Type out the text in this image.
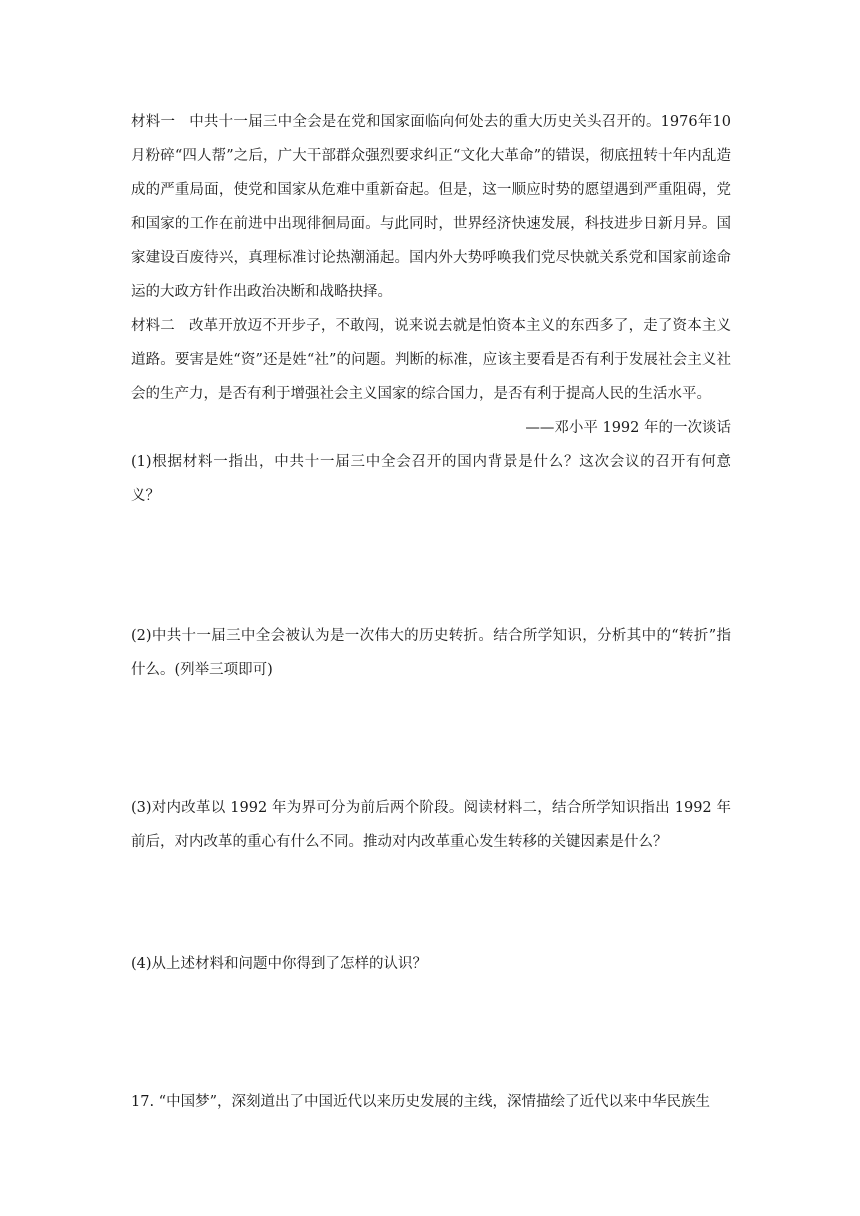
材料一 中共十一届三中全会是在党和国家面临向何处去的重大历史关头召开的。1976年10月粉碎“四人帮”之后，广大干部群众强烈要求纠正“文化大革命”的错误，彻底扭转十年内乱造成的严重局面，使党和国家从危难中重新奋起。但是，这一顺应时势的愿望遇到严重阻碍，党和国家的工作在前进中出现徘徊局面。与此同时，世界经济快速发展，科技进步日新月异。国家建设百废待兴，真理标准讨论热潮涌起。国内外大势呼唤我们党尽快就关系党和国家前途命运的大政方针作出政治决断和战略抉择。

材料二 改革开放迈不开步子，不敢闯，说来说去就是怕资本主义的东西多了，走了资本主义道路。要害是姓“资”还是姓“社”的问题。判断的标准，应该主要看是否有利于发展社会主义社会的生产力，是否有利于增强社会主义国家的综合国力，是否有利于提高人民的生活水平。

——邓小平 1992 年的一次谈话

(1)根据材料一指出，中共十一届三中全会召开的国内背景是什么？这次会议的召开有何意义？

(2)中共十一届三中全会被认为是一次伟大的历史转折。结合所学知识，分析其中的“转折”指什么。(列举三项即可)

(3)对内改革以 1992 年为界可分为前后两个阶段。阅读材料二，结合所学知识指出 1992 年前后，对内改革的重心有什么不同。推动对内改革重心发生转移的关键因素是什么？

(4)从上述材料和问题中你得到了怎样的认识？

17. “中国梦”，深刻道出了中国近代以来历史发展的主线，深情描绘了近代以来中华民族生
